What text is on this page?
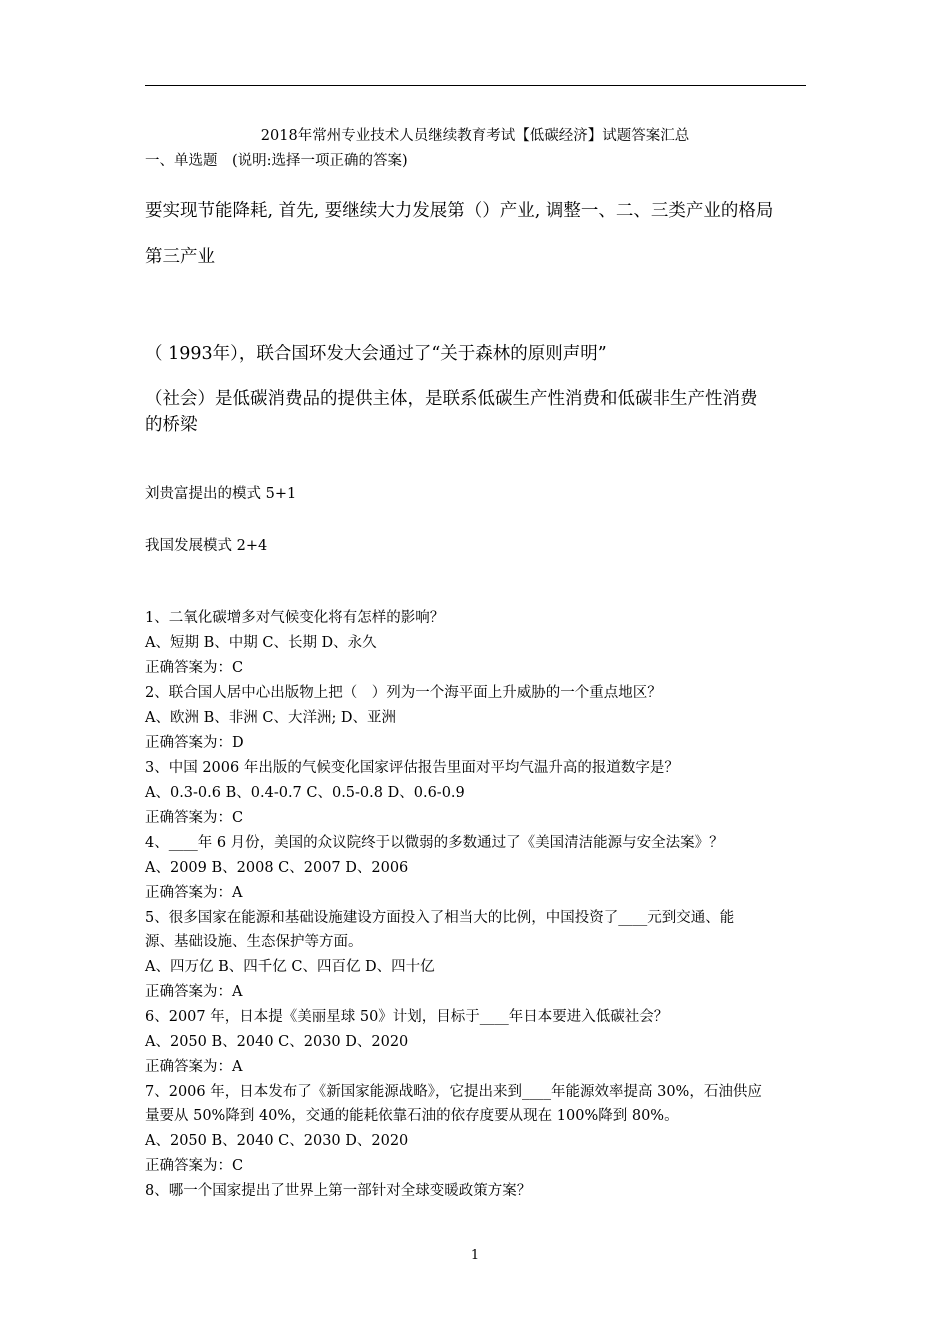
2018年常州专业技术人员继续教育考试【低碳经济】试题答案汇总
一、单选题　(说明:选择一项正确的答案)
要实现节能降耗, 首先, 要继续大力发展第（）产业, 调整一、二、三类产业的格局
第三产业
（ 1993年），联合国环发大会通过了“关于森林的原则声明”
（社会）是低碳消费品的提供主体，是联系低碳生产性消费和低碳非生产性消费
的桥梁
刘贵富提出的模式 5+1
我国发展模式 2+4
1、二氧化碳增多对气候变化将有怎样的影响？
A、短期 B、中期 C、长期 D、永久
正确答案为：C
2、联合国人居中心出版物上把（　）列为一个海平面上升威胁的一个重点地区？
A、欧洲 B、非洲 C、大洋洲; D、亚洲
正确答案为：D
3、中国 2006 年出版的气候变化国家评估报告里面对平均气温升高的报道数字是？
A、0.3-0.6 B、0.4-0.7 C、0.5-0.8 D、0.6-0.9
正确答案为：C
4、____年 6 月份，美国的众议院终于以微弱的多数通过了《美国清洁能源与安全法案》？
A、2009 B、2008 C、2007 D、2006
正确答案为：A
5、很多国家在能源和基础设施建设方面投入了相当大的比例，中国投资了____元到交通、能
源、基础设施、生态保护等方面。
A、四万亿 B、四千亿 C、四百亿 D、四十亿
正确答案为：A
6、2007 年，日本提《美丽星球 50》计划，目标于____年日本要进入低碳社会？
A、2050 B、2040 C、2030 D、2020
正确答案为：A
7、2006 年，日本发布了《新国家能源战略》，它提出来到____年能源效率提高 30%，石油供应
量要从 50%降到 40%，交通的能耗依靠石油的依存度要从现在 100%降到 80%。
A、2050 B、2040 C、2030 D、2020
正确答案为：C
8、哪一个国家提出了世界上第一部针对全球变暖政策方案？
1
